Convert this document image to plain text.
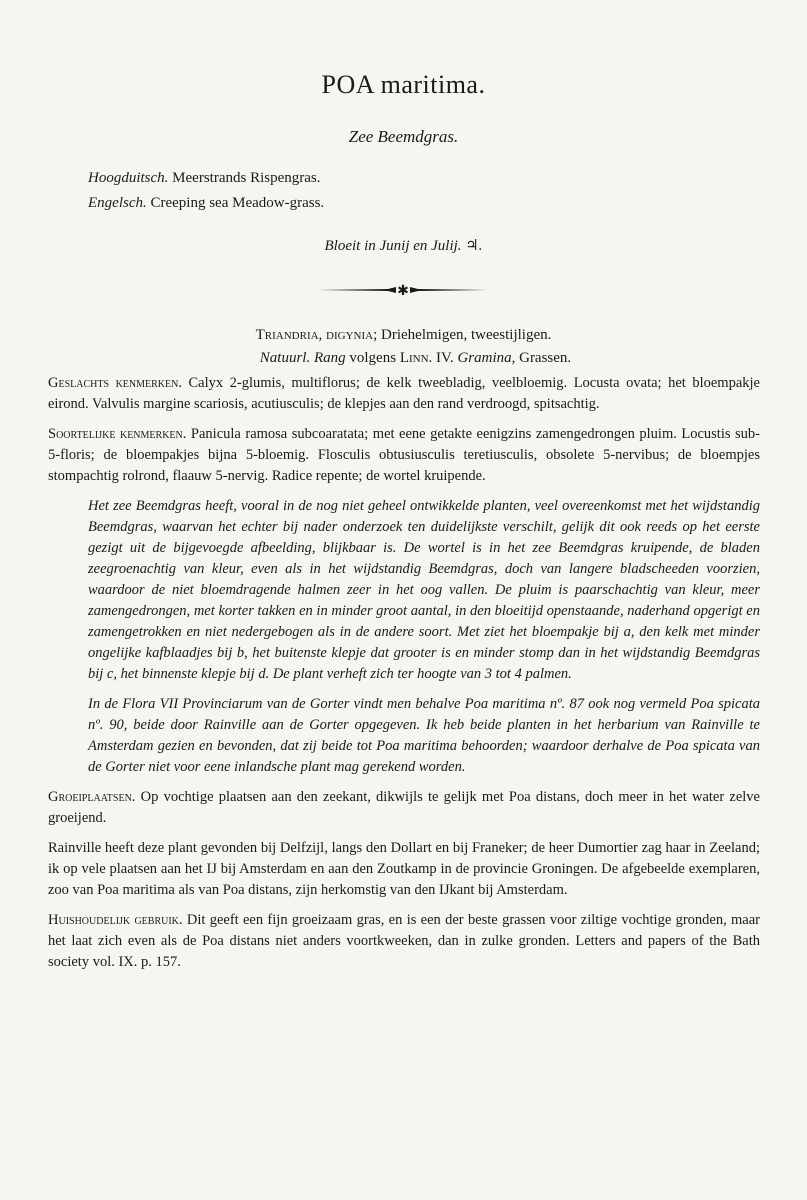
POA maritima.
Zee Beemdgras.
Hoogduitsch. Meerstrands Rispengras.
Engelsch. Creeping sea Meadow-grass.
Bloeit in Junij en Julij. ♃.
✱
Triandria, digynia; Driehelmigen, tweestijligen.
Natuurl. Rang volgens Linn. IV. Gramina, Grassen.

Geslachts kenmerken. Calyx 2-glumis, multiflorus; de kelk tweebladig, veelbloemig. Locusta ovata; het bloempakje eirond. Valvulis margine scariosis, acutiusculis; de klepjes aan den rand verdroogd, spitsachtig.

Soortelijke kenmerken. Panicula ramosa subcoaratata; met eene getakte eenigzins zamengedrongen pluim. Locustis sub-5-floris; de bloempakjes bijna 5-bloemig. Flosculis obtusiusculis teretiusculis, obsolete 5-nervibus; de bloempjes stompachtig rolrond, flaauw 5-nervig. Radice repente; de wortel kruipende.

Het zee Beemdgras heeft, vooral in de nog niet geheel ontwikkelde planten, veel overeenkomst met het wijdstandig Beemdgras, waarvan het echter bij nader onderzoek ten duidelijkste verschilt, gelijk dit ook reeds op het eerste gezigt uit de bijgevoegde afbeelding, blijkbaar is. De wortel is in het zee Beemdgras kruipende, de bladen zeegroenachtig van kleur, even als in het wijdstandig Beemdgras, doch van langere bladscheeden voorzien, waardoor de niet bloemdragende halmen zeer in het oog vallen. De pluim is paarschachtig van kleur, meer zamengedrongen, met korter takken en in minder groot aantal, in den bloeitijd openstaande, naderhand opgerigt en zamengetrokken en niet nedergebogen als in de andere soort. Met ziet het bloempakje bij a, den kelk met minder ongelijke kafblaadjes bij b, het buitenste klepje dat grooter is en minder stomp dan in het wijdstandig Beemdgras bij c, het binnenste klepje bij d. De plant verheft zich ter hoogte van 3 tot 4 palmen.

In de Flora VII Provinciarum van de Gorter vindt men behalve Poa maritima nº. 87 ook nog vermeld Poa spicata nº. 90, beide door Rainville aan de Gorter opgegeven. Ik heb beide planten in het herbarium van Rainville te Amsterdam gezien en bevonden, dat zij beide tot Poa maritima behoorden; waardoor derhalve de Poa spicata van de Gorter niet voor eene inlandsche plant mag gerekend worden.

Groeiplaatsen. Op vochtige plaatsen aan den zeekant, dikwijls te gelijk met Poa distans, doch meer in het water zelve groeijend.

Rainville heeft deze plant gevonden bij Delfzijl, langs den Dollart en bij Franeker; de heer Dumortier zag haar in Zeeland; ik op vele plaatsen aan het IJ bij Amsterdam en aan den Zoutkamp in de provincie Groningen. De afgebeelde exemplaren, zoo van Poa maritima als van Poa distans, zijn herkomstig van den IJkant bij Amsterdam.

Huishoudelijk gebruik. Dit geeft een fijn groeizaam gras, en is een der beste grassen voor ziltige vochtige gronden, maar het laat zich even als de Poa distans niet anders voortkweeken, dan in zulke gronden. Letters and papers of the Bath society vol. IX. p. 157.
